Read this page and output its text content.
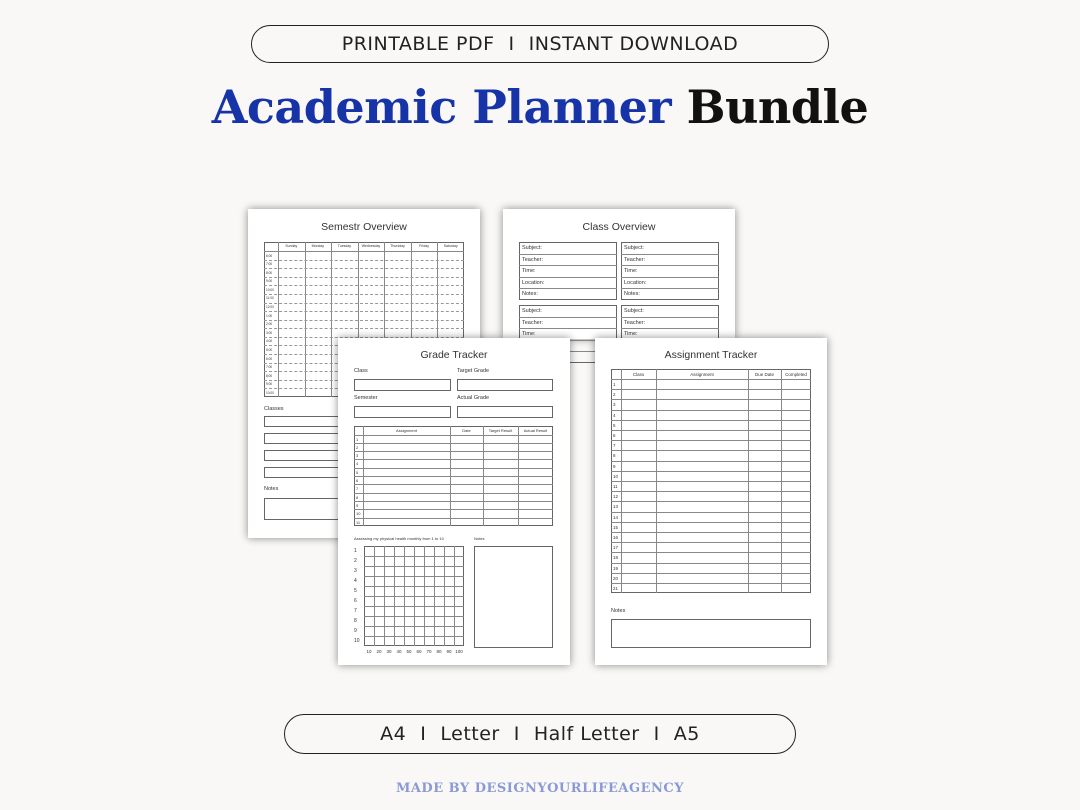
PRINTABLE PDF I INSTANT DOWNLOAD
Academic Planner Bundle
Semestr Overview
Sunday	Monday	Tuesday	Wednesday	Thursday	Friday	Saturday
6:00
7:00
8:00
9:00
10:00
11:00
12:00
1:00
2:00
3:00
4:00
5:00
6:00
7:00
8:00
9:00
10:00
Classes
Notes
Class Overview
Subject:
Teacher:
Time:
Location:
Notes:
Subject:
Teacher:
Time:
Location:
Notes:
Subject:
Teacher:
Time:
Subject:
Teacher:
Time:
Grade Tracker
Class	Target Grade
Semester	Actual Grade
Assignment	Date	Target Result	Actual Result
1
2
3
4
5
6
7
8
9
10
11
Assessing my physical health monthly from 1 to 10	Notes
1
2
3
4
5
6
7
8
9
10
10	20	30	40	50	60	70	80	90 100
Assignment Tracker
Class	Assignment	Due Date	Completed
1
2
3
4
5
6
7
8
9
10
11
12
13
14
15
16
17
18
19
20
21
Notes
A4 I Letter I Half Letter I A5
MADE BY DESIGNYOURLIFEAGENCY
